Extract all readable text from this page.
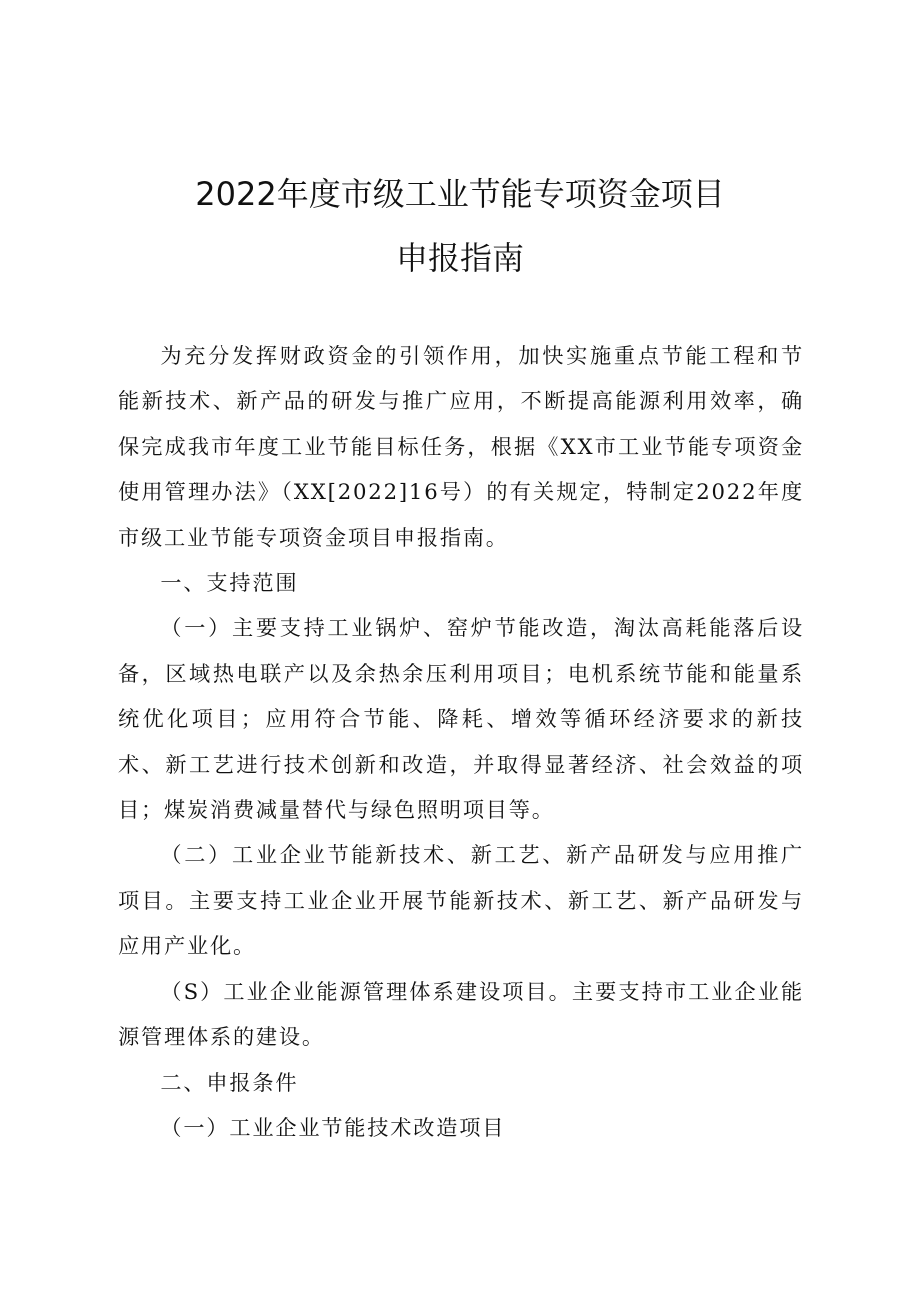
2022年度市级工业节能专项资金项目
申报指南

为充分发挥财政资金的引领作用，加快实施重点节能工程和节能新技术、新产品的研发与推广应用，不断提高能源利用效率，确保完成我市年度工业节能目标任务，根据《XX市工业节能专项资金使用管理办法》（XX[2022]16号）的有关规定，特制定2022年度市级工业节能专项资金项目申报指南。

一、支持范围

（一）主要支持工业锅炉、窑炉节能改造，淘汰高耗能落后设备，区域热电联产以及余热余压利用项目；电机系统节能和能量系统优化项目；应用符合节能、降耗、增效等循环经济要求的新技术、新工艺进行技术创新和改造，并取得显著经济、社会效益的项目；煤炭消费减量替代与绿色照明项目等。

（二）工业企业节能新技术、新工艺、新产品研发与应用推广项目。主要支持工业企业开展节能新技术、新工艺、新产品研发与应用产业化。

（S）工业企业能源管理体系建设项目。主要支持市工业企业能源管理体系的建设。

二、申报条件

（一）工业企业节能技术改造项目
